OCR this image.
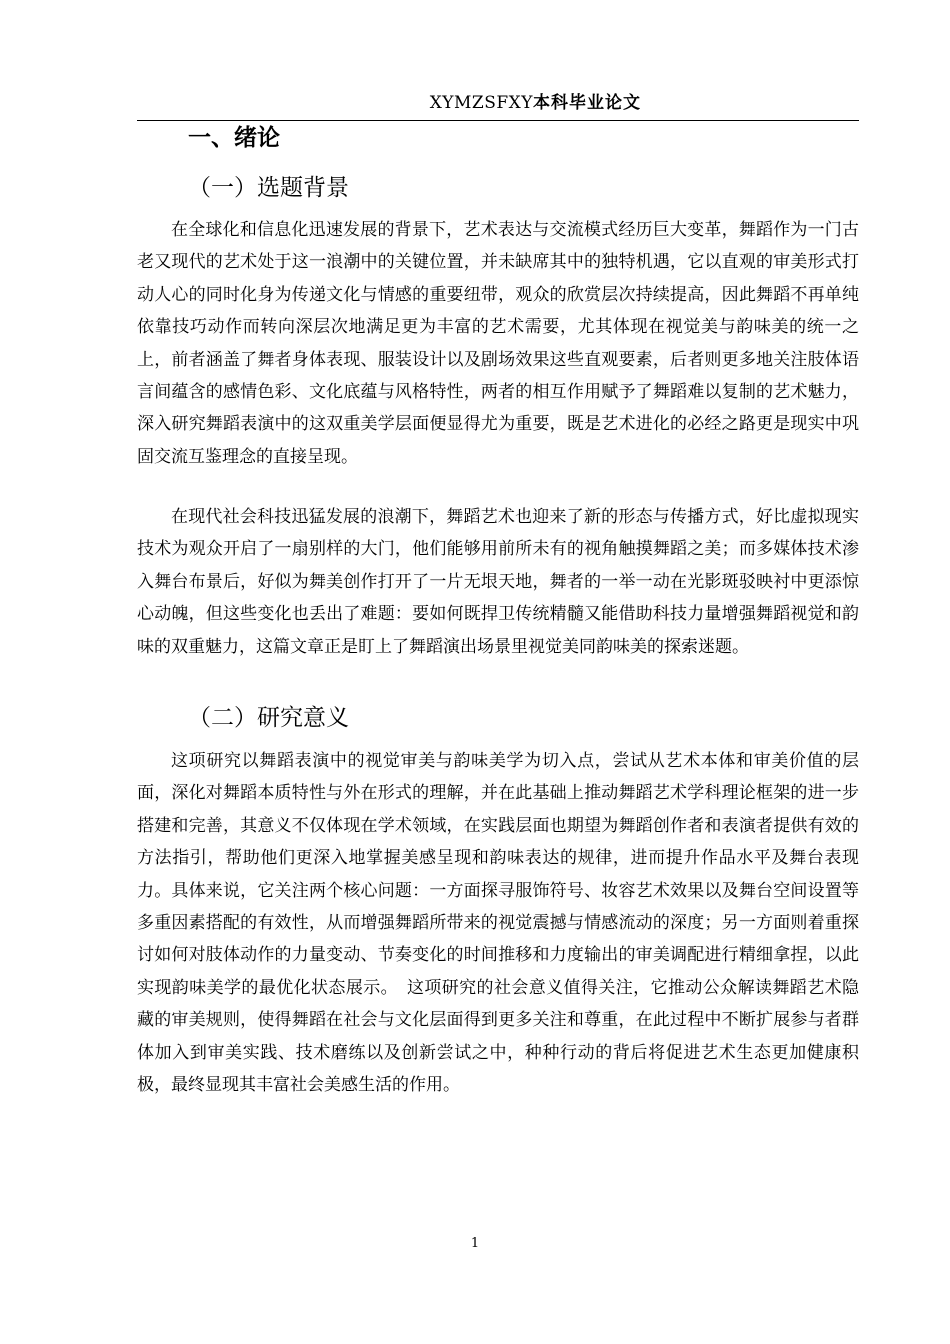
XYMZSFXY本科毕业论文
一、绪论
（一）选题背景
在全球化和信息化迅速发展的背景下，艺术表达与交流模式经历巨大变革，舞蹈作为一门古老又现代的艺术处于这一浪潮中的关键位置，并未缺席其中的独特机遇，它以直观的审美形式打动人心的同时化身为传递文化与情感的重要纽带，观众的欣赏层次持续提高，因此舞蹈不再单纯依靠技巧动作而转向深层次地满足更为丰富的艺术需要，尤其体现在视觉美与韵味美的统一之上，前者涵盖了舞者身体表现、服装设计以及剧场效果这些直观要素，后者则更多地关注肢体语言间蕴含的感情色彩、文化底蕴与风格特性，两者的相互作用赋予了舞蹈难以复制的艺术魅力，深入研究舞蹈表演中的这双重美学层面便显得尤为重要，既是艺术进化的必经之路更是现实中巩固交流互鉴理念的直接呈现。
在现代社会科技迅猛发展的浪潮下，舞蹈艺术也迎来了新的形态与传播方式，好比虚拟现实技术为观众开启了一扇别样的大门，他们能够用前所未有的视角触摸舞蹈之美；而多媒体技术渗入舞台布景后，好似为舞美创作打开了一片无垠天地，舞者的一举一动在光影斑驳映衬中更添惊心动魄，但这些变化也丢出了难题：要如何既捍卫传统精髓又能借助科技力量增强舞蹈视觉和韵味的双重魅力，这篇文章正是盯上了舞蹈演出场景里视觉美同韵味美的探索迷题。
（二）研究意义
这项研究以舞蹈表演中的视觉审美与韵味美学为切入点，尝试从艺术本体和审美价值的层面，深化对舞蹈本质特性与外在形式的理解，并在此基础上推动舞蹈艺术学科理论框架的进一步搭建和完善，其意义不仅体现在学术领域，在实践层面也期望为舞蹈创作者和表演者提供有效的方法指引，帮助他们更深入地掌握美感呈现和韵味表达的规律，进而提升作品水平及舞台表现力。具体来说，它关注两个核心问题：一方面探寻服饰符号、妆容艺术效果以及舞台空间设置等多重因素搭配的有效性，从而增强舞蹈所带来的视觉震撼与情感流动的深度；另一方面则着重探讨如何对肢体动作的力量变动、节奏变化的时间推移和力度输出的审美调配进行精细拿捏，以此实现韵味美学的最优化状态展示。　这项研究的社会意义值得关注，它推动公众解读舞蹈艺术隐藏的审美规则，使得舞蹈在社会与文化层面得到更多关注和尊重，在此过程中不断扩展参与者群体加入到审美实践、技术磨练以及创新尝试之中，种种行动的背后将促进艺术生态更加健康积极，最终显现其丰富社会美感生活的作用。
1
